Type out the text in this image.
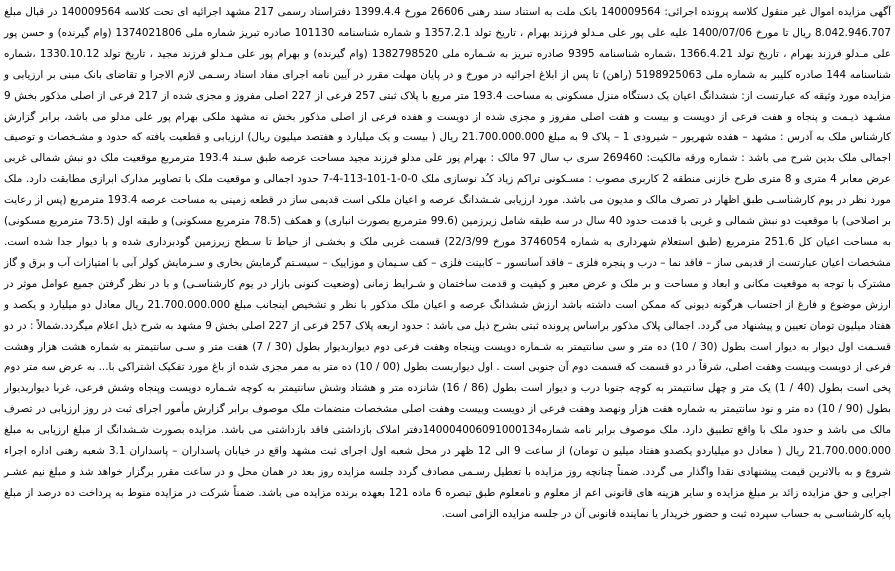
آگهی مزایده اموال غیر منقول کلاسه پرونده اجرائی: 140009564 بانک ملت به استناد سند رهنی 26606 مورخ 1399.4.4 دفتراسناد رسمی 217 مشهد اجرائیه ای تحت کلاسه 140009564 در قبال مبلغ 8.042.946.707 ریال تا مورخ 1400/07/06 علیه علی پور علی مـدلو فرزند بهرام ، تاریخ تولد 1357.2.1 و شماره شناسنامه 101130 صادره تبریز شماره ملی 1374021806 (وام گیرنده) و حسن پور علی مـدلو فرزند بهرام ، تاریخ تولد 1366.4.21 ،شماره شناسنامه 9395 صادره تبریز به شـماره ملی 1382798520 (وام گیرنده) و بهرام پور علی مـدلو فرزند مجید ، تاریخ تولد 1330.10.12 ،شماره شناسنامه 144 صادره کلیبر به شماره ملی 5198925063 (راهن) تا پس از ابلاغ اجرائیه در مورخ و در پایان مهلت مقرر در آیین نامه اجرای مفاد اسناد رسـمی لازم الاجرا و تقاضای بانک مبنی بر ارزیابی و مزایده مورد وثیقه که عبارتست از: ششدانگ اعیان یک دستگاه منزل مسکونی به مساحت 193.4 متر مربع با پلاک ثبتی 257 فرعی از 227 اصلی مفروز و مجزی شده از 217 فرعی از اصلی مذکور بخش 9 مشـهد ذیـمت و پنجاه و هفت فرعی از دویست و بیست و هفت اصلی مفروز و مجزی شده از دویست و هفده فرعی از اصلی مذکور بخش نه مشهد ملکی بهرام پور علی مدلو می باشد، برابر گزارش کارشناس ملک به آدرس : مشهد – هفده شهریور – شیرودی 1 – پلاک 9 به مبلغ 21.700.000.000 ریال ( بیست و یک میلیارد و هفتصد میلیون ریال) ارزیابی و قطعیت یافته که حدود و مشـخصات و توصیف اجمالی ملک بدین شرح می باشد : شماره ورقه مالکیت: 269460 سری ب سال 97 مالک : بهرام پور علی مدلو فرزند مجید مساحت عرصه طبق سـند 193.4 مترمربع موقعیت ملک دو نبش شمالی غربی عرض معابر 4 متری و 8 متری طرح خازنی منطقه 2 کاربری مصوب : مسـکونی تراکم زیاد کـُد نوسازی ملک 0-0-1-101-113-4-7 حدود اجمالی و موقعیت ملک با تصاویر مدارک ابرازی مطابقت دارد. ملک مورد نظر در یوم کارشناسـی طبق اظهار در تصرف مالک و مدیون می باشد. مورد ارزیابی شـشدانگ عرصه و اعیان ملکی است قدیمی ساز در قطعه زمینی به مساحت عرصه 193.4 مترمربع (پس از رعایت بر اصلاحی) با موقعیت دو نبش شمالی و غربی با قدمت حدود 40 سال در سه طبقه شامل زیرزمین (99.6 مترمربع بصورت انباری) و همکف (78.5 مترمربع مسکونی) و طبقه اول (73.5 مترمربع مسکونی) به مساحت اعیان کل 251.6 مترمربع (طبق استعلام شهرداری به شماره 3746054 مورخ 22/3/99) قسمت غربی ملک و بخشـی از حیاط تا سـطح زیرزمین گودبرداری شده و با دیوار جدا شده است. مشخصات اعیان عبارتست از قدیمی ساز – فاقد نما – درب و پنجره فلزی – فاقد آسانسور – کابینت فلزی – کف سـیمان و موزاییک – سیسـتم گرمایش بخاری و سـرمایش کولر آبی با امتیازات آب و برق و گاز مشترک با توجه به موقعیت مکانی و ابعاد و مساحت و بر ملک و عرض معبر و کیفیت و قدمت ساختمان و شـرایط زمانی (وضعیت کنونی بازار در یوم کارشناسـی) و با در نظر گرفتن جمیع عوامل موثر در ارزش موضوع و فارغ از احتساب هرگونه دیونی که ممکن است داشته باشد ارزش ششدانگ عرصه و اعیان ملک مذکور با نظر و تشخیص اینجانب مبلغ 21.700.000.000 ریال معادل دو میلیارد و یکصد و هفتاد میلیون تومان تعیین و پیشنهاد می گردد. اجمالی پلاک مذکور براساس پرونده ثبتی بشرح ذیل می باشد : حدود اربعه پلاک 257 فرعی از 227 اصلی بخش 9 مشهد به شرح ذیل اعلام میگردد.شمالاً : در دو قسـمت اول دیوار به دیوار است بطول (30 / 10) ده متر و سی سانتیمتر به شـماره دویست وپنجاه وهفت فرعی دوم دیواربدیوار بطول (30 / 7) هفت متر و سـی سانتیمتر به شماره هشت هزار وهشت فرعی از دویست وبیست وهفت اصلی، شرقاً در دو قسمت که قسمت دوم آن جنوبی است . اول دیواربست بطول (00 / 10) ده متر به ممر مجزی شده از باغ مورد تفکیک اشتراکی با... به عرض سه متر دوم پخی است بطول (40 / 1) یک متر و چهل سانتیمتر به کوچه جنوبا درب و دیوار است بطول (86 / 16) شانزده متر و هشتاد وشش سانتیمتر به کوچه شـماره دویست وپنجاه وشش فرعی، غربا دیواربدیوار بطول (90 / 10) ده متر و نود سانتیمتر به شماره هفت هزار ونهصد وهفت فرعی از دویست وبیست وهفت اصلی مشخصات منضمات ملک موصوف برابر گزارش مأمور اجرای ثبت در روز ارزیابی در تصرف مالک می باشد و حدود ملک با واقع تطبیق دارد. ملک موصوف برابر نامه شماره140004006091000134دفتر املاک بازداشتی فاقد بازداشتی می باشد. مزایده بصورت شـشدانگ از مبلغ ارزیابی به مبلغ 21.700.000.000 ریال ( معادل دو میلیاردو یکصدو هفتاد میلیو ن تومان) از ساعت 9 الی 12 ظهر در محل شعبه اول اجرای ثبت مشهد واقع در خیابان پاسداران – پاسداران 3.1 شعبه رهنی اداره اجراء شروع و به بالاترین قیمت پیشنهادی نقدا واگذار می گردد. ضمناً چنانچه روز مزایده با تعطیل رسـمی مصادف گردد جلسه مزایده روز بعد در همان محل و در ساعت مقرر برگزار خواهد شد و مبلغ نیم عشـر اجرایی و حق مزایده زائد بر مبلغ مزایده و سایر هزینه های قانونی اعم از معلوم و نامعلوم طبق تبصره 6 ماده 121 بعهده برنده مزایده می باشد. ضمناً شرکت در مزایده منوط به پرداخت ده درصد از مبلغ پایه کارشناسـی به حساب سپرده ثبت و حضور خریدار یا نماینده قانونی آن در جلسه مزایده الزامی است.
